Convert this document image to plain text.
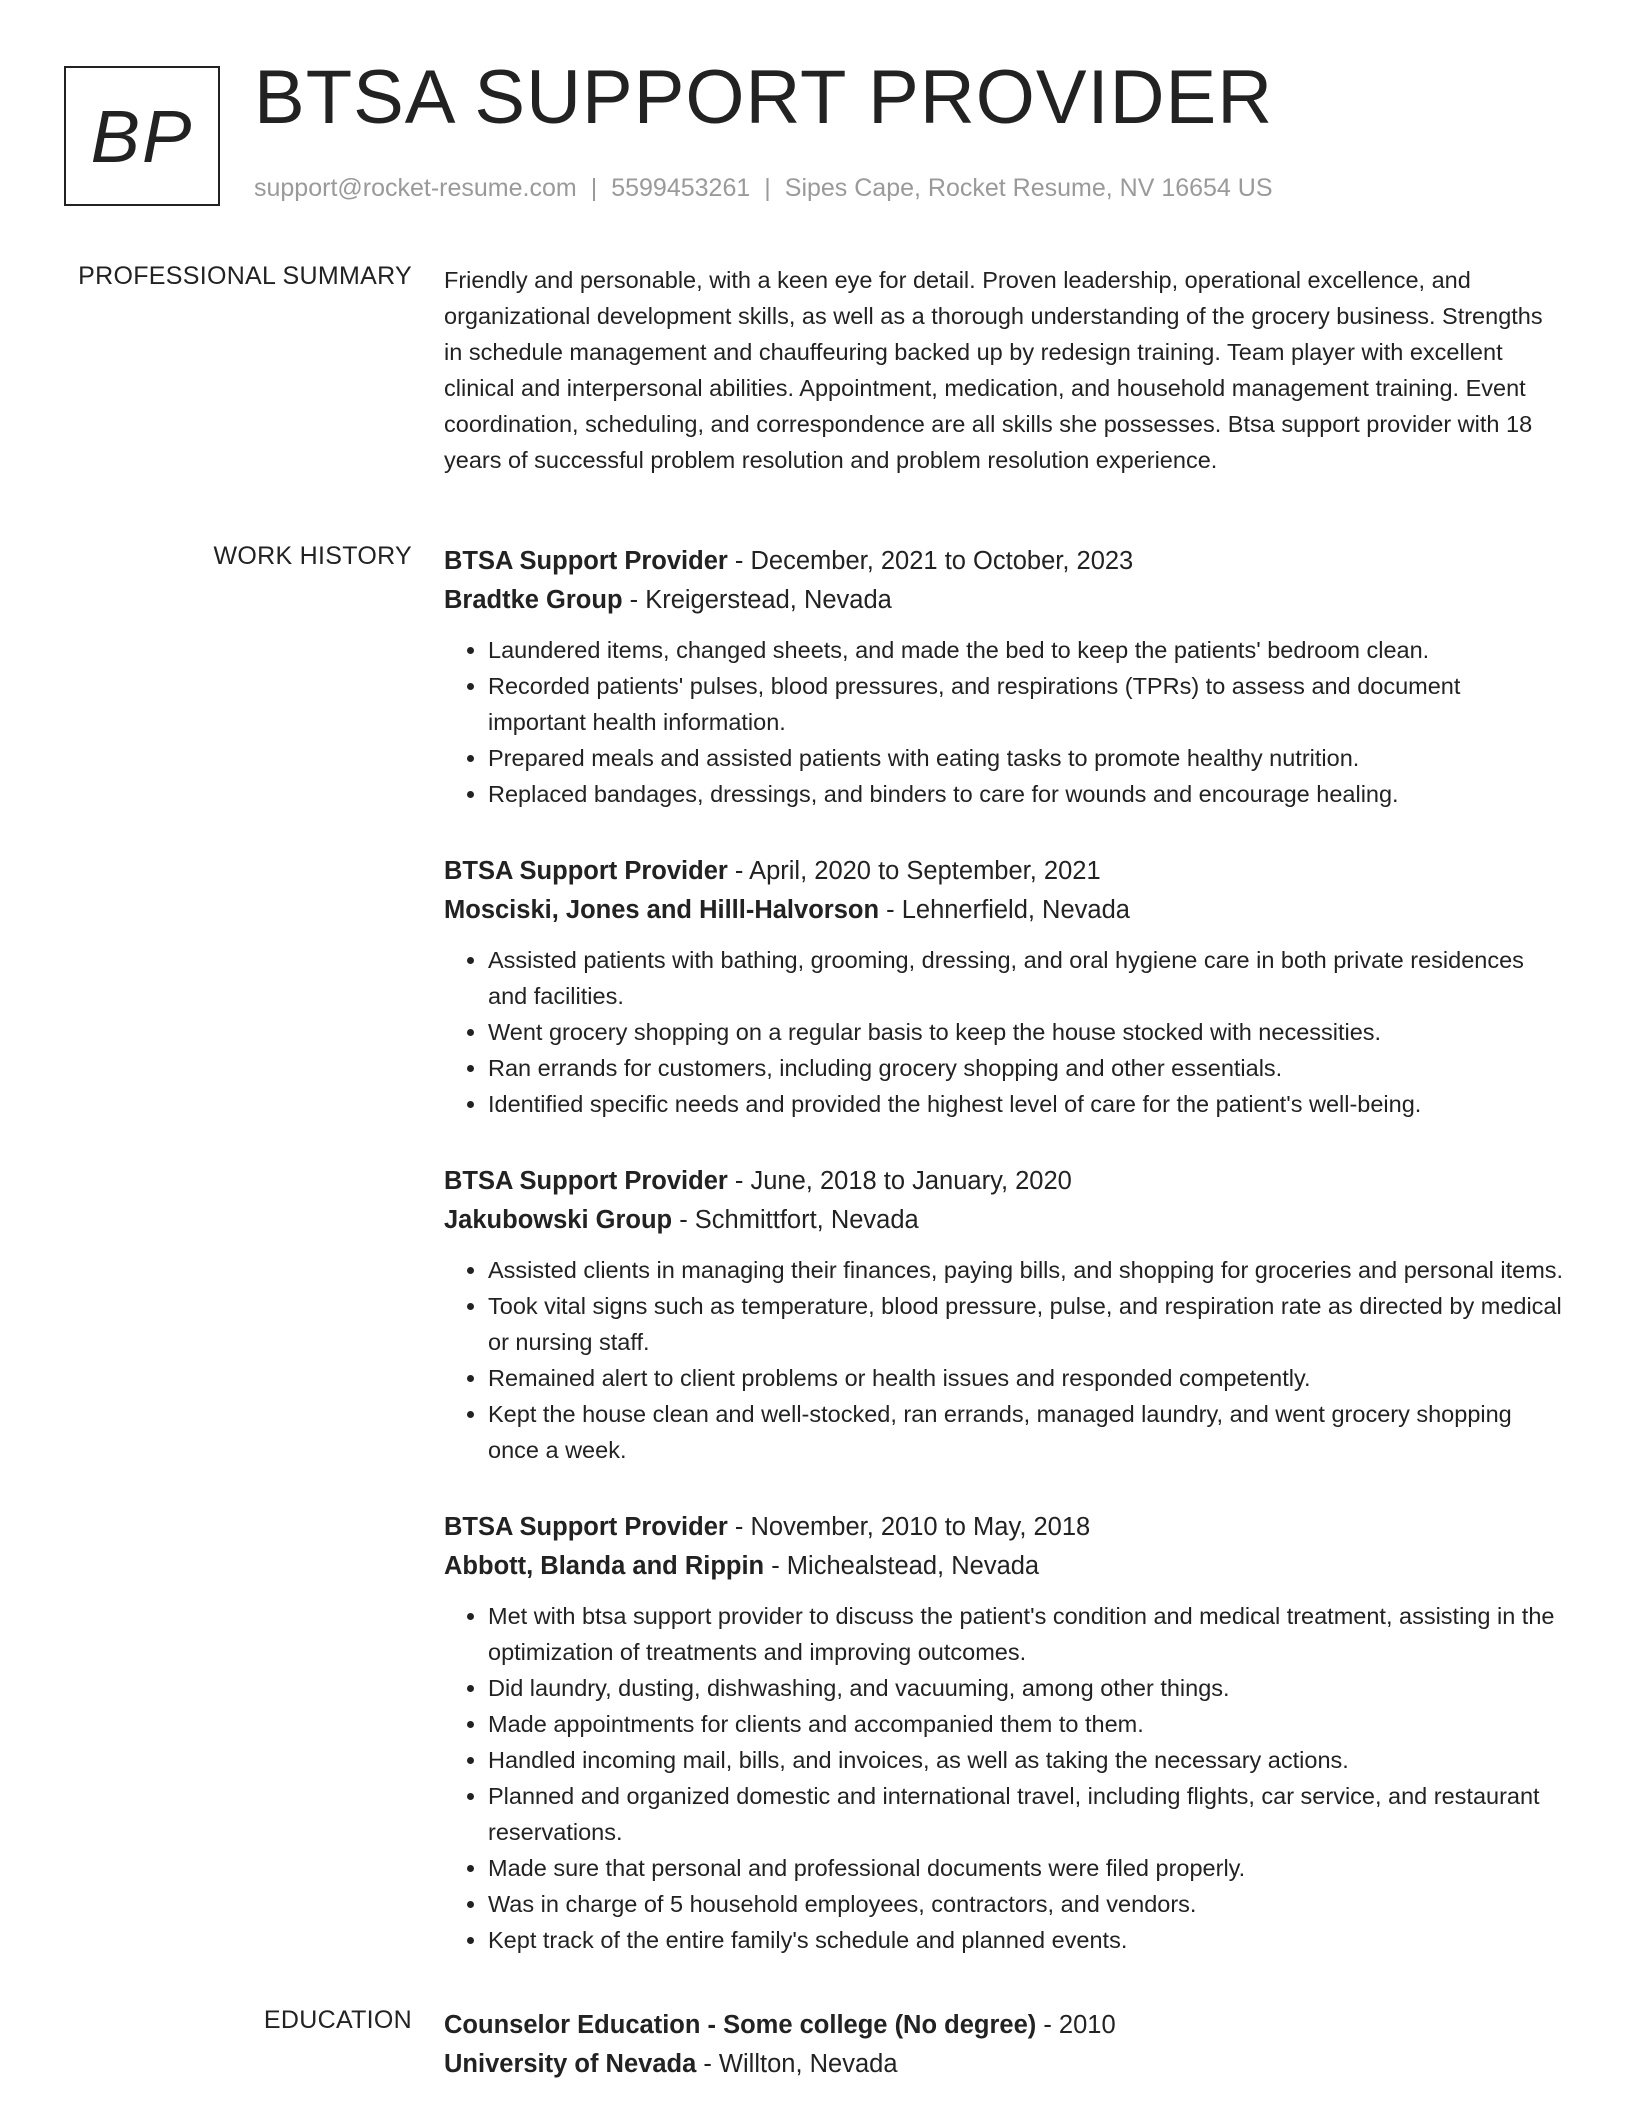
BP BTSA SUPPORT PROVIDER
support@rocket-resume.com | 5599453261 | Sipes Cape, Rocket Resume, NV 16654 US
PROFESSIONAL SUMMARY Friendly and personable, with a keen eye for detail. Proven leadership, operational excellence, and organizational development skills, as well as a thorough understanding of the grocery business. Strengths in schedule management and chauffeuring backed up by redesign training. Team player with excellent clinical and interpersonal abilities. Appointment, medication, and household management training. Event coordination, scheduling, and correspondence are all skills she possesses. Btsa support provider with 18 years of successful problem resolution and problem resolution experience.

WORK HISTORY BTSA Support Provider - December, 2021 to October, 2023
Bradtke Group - Kreigerstead, Nevada
• Laundered items, changed sheets, and made the bed to keep the patients' bedroom clean.
• Recorded patients' pulses, blood pressures, and respirations (TPRs) to assess and document important health information.
• Prepared meals and assisted patients with eating tasks to promote healthy nutrition.
• Replaced bandages, dressings, and binders to care for wounds and encourage healing.
BTSA Support Provider - April, 2020 to September, 2021
Mosciski, Jones and Hilll-Halvorson - Lehnerfield, Nevada
• Assisted patients with bathing, grooming, dressing, and oral hygiene care in both private residences and facilities.
• Went grocery shopping on a regular basis to keep the house stocked with necessities.
• Ran errands for customers, including grocery shopping and other essentials.
• Identified specific needs and provided the highest level of care for the patient's well-being.
BTSA Support Provider - June, 2018 to January, 2020
Jakubowski Group - Schmittfort, Nevada
• Assisted clients in managing their finances, paying bills, and shopping for groceries and personal items.
• Took vital signs such as temperature, blood pressure, pulse, and respiration rate as directed by medical or nursing staff.
• Remained alert to client problems or health issues and responded competently.
• Kept the house clean and well-stocked, ran errands, managed laundry, and went grocery shopping once a week.
BTSA Support Provider - November, 2010 to May, 2018
Abbott, Blanda and Rippin - Michealstead, Nevada
• Met with btsa support provider to discuss the patient's condition and medical treatment, assisting in the optimization of treatments and improving outcomes.
• Did laundry, dusting, dishwashing, and vacuuming, among other things.
• Made appointments for clients and accompanied them to them.
• Handled incoming mail, bills, and invoices, as well as taking the necessary actions.
• Planned and organized domestic and international travel, including flights, car service, and restaurant reservations.
• Made sure that personal and professional documents were filed properly.
• Was in charge of 5 household employees, contractors, and vendors.
• Kept track of the entire family's schedule and planned events.
EDUCATION Counselor Education - Some college (No degree) - 2010
University of Nevada - Willton, Nevada
